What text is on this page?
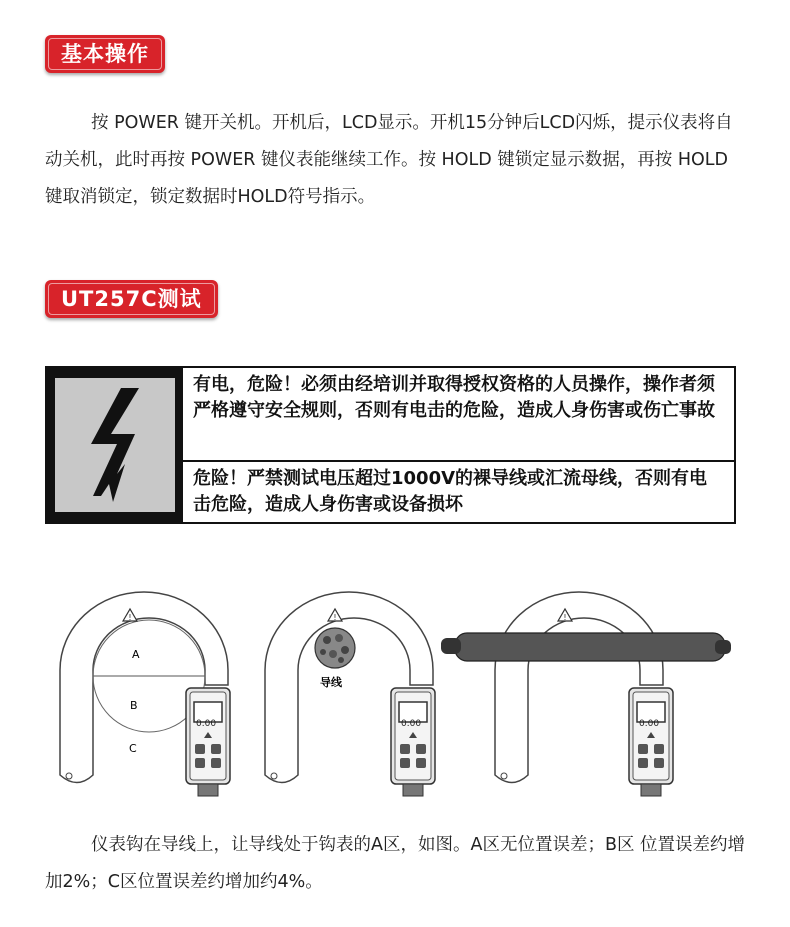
基本操作
按 POWER 键开关机。开机后，LCD显示。开机15分钟后LCD闪烁，提示仪表将自动关机，此时再按 POWER 键仪表能继续工作。按 HOLD 键锁定显示数据，再按 HOLD 键取消锁定，锁定数据时HOLD符号指示。
UT257C测试
有电，危险！必须由经培训并取得授权资格的人员操作，操作者须严格遵守安全规则，否则有电击的危险，造成人身伤害或伤亡事故
危险！严禁测试电压超过1000V的裸导线或汇流母线，否则有电击危险，造成人身伤害或设备损坏
!
A
B
C
0.00
导线
0.00	0.00
仪表钩在导线上，让导线处于钩表的A区，如图。A区无位置误差；B区 位置误差约增加2%；C区位置误差约增加约4%。
